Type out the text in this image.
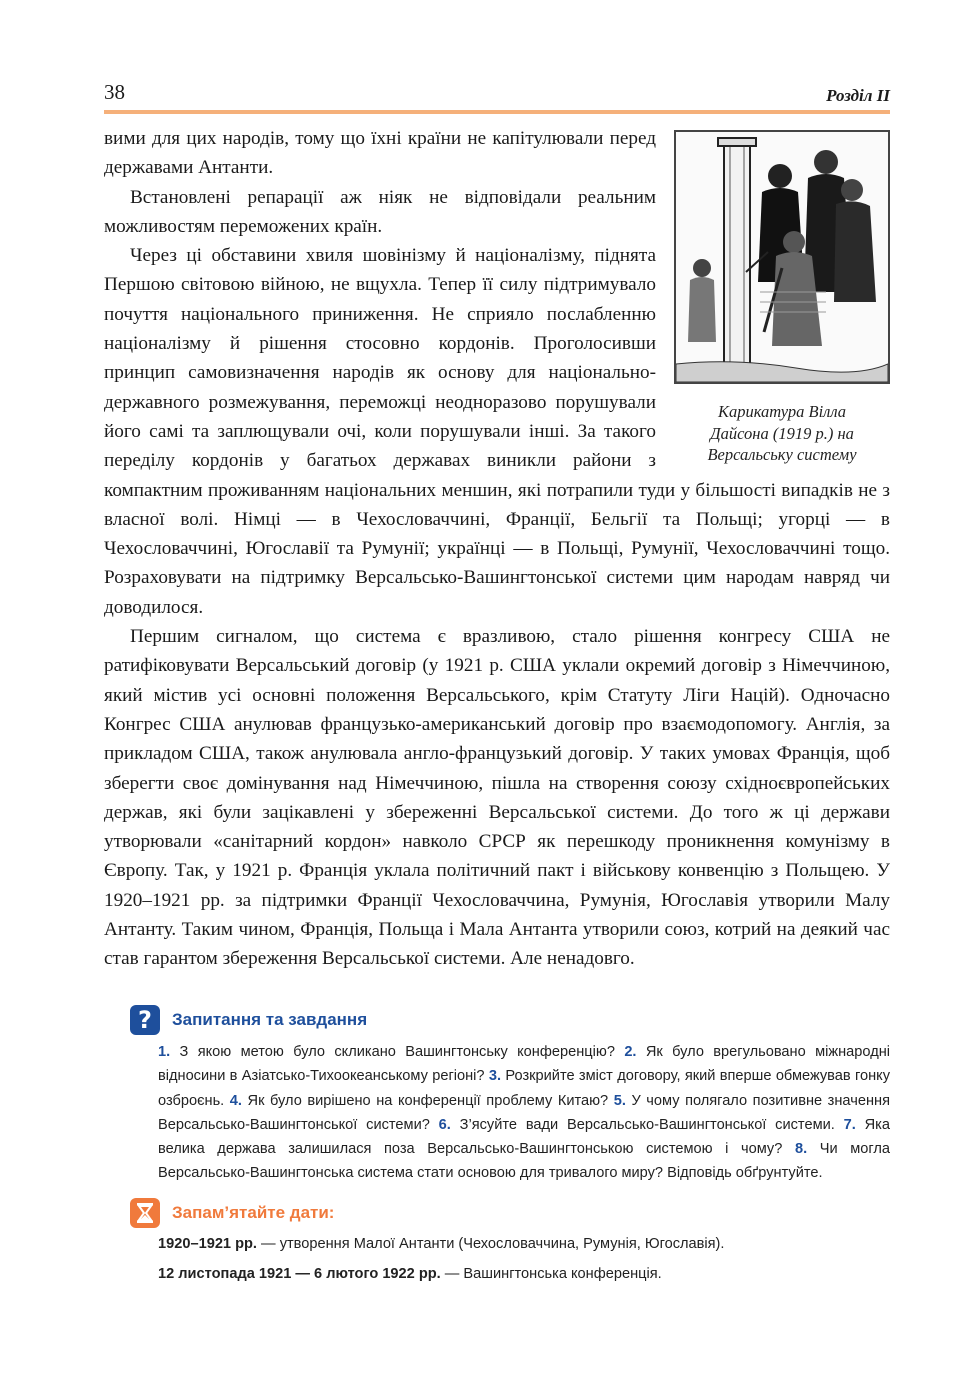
38	Розділ II
Карикатура Вілла
Дайсона (1919 р.) на
Версальську систему

вими для цих народів, тому що їхні країни не капітулювали перед державами Антанти.

Встановлені репарації аж ніяк не відповідали реальним можливостям переможених країн.

Через ці обставини хвиля шовінізму й націоналізму, піднята Першою світовою війною, не вщухла. Тепер її силу підтримувало почуття національного приниження. Не сприяло послабленню націоналізму й рішення стосовно кордонів. Проголосивши принцип самовизначення народів як основу для національно-державного розмежування, переможці неодноразово порушували його самі та заплющували очі, коли порушували інші. За такого переділу кордонів у багатьох державах виникли райони з компактним проживанням національних меншин, які потрапили туди у більшості випадків не з власної волі. Німці — в Чехословаччині, Франції, Бельгії та Польщі; угорці — в Чехословаччині, Югославії та Румунії; українці — в Польщі, Румунії, Чехословаччині тощо. Розраховувати на підтримку Версальсько-Вашингтонської системи цим народам навряд чи доводилося.

Першим сигналом, що система є вразливою, стало рішення конгресу США не ратифіковувати Версальський договір (у 1921 р. США уклали окремий договір з Німеччиною, який містив усі основні положення Версальського, крім Статуту Ліги Націй). Одночасно Конгрес США анулював французько-американський договір про взаємодопомогу. Англія, за прикладом США, також анулювала англо-французький договір. У таких умовах Франція, щоб зберегти своє домінування над Німеччиною, пішла на створення союзу східноєвропейських держав, які були зацікавлені у збереженні Версальської системи. До того ж ці держави утворювали «санітарний кордон» навколо СРСР як перешкоду проникнення комунізму в Європу. Так, у 1921 р. Франція уклала політичний пакт і військову конвенцію з Польщею. У 1920–1921 рр. за підтримки Франції Чехословаччина, Румунія, Югославія утворили Малу Антанту. Таким чином, Франція, Польща і Мала Антанта утворили союз, котрий на деякий час став гарантом збереження Версальської системи. Але ненадовго.

?	Запитання та завдання
1. З якою метою було скликано Вашингтонську конференцію? 2. Як було врегульовано міжнародні відносини в Азіатсько-Тихоокеанському регіоні? 3. Розкрийте зміст договору, який вперше обмежував гонку озброєнь. 4. Як було вирішено на конференції проблему Китаю? 5. У чому полягало позитивне значення Версальсько-Вашингтонської системи? 6. З’ясуйте вади Версальсько-Вашингтонської системи. 7. Яка велика держава залишилася поза Версальсько-Вашингтонською системою і чому? 8. Чи могла Версальсько-Вашингтонська система стати основою для тривалого миру? Відповідь обґрунтуйте.
Запам’ятайте дати:
1920–1921 рр. — утворення Малої Антанти (Чехословаччина, Румунія, Югославія).
12 листопада 1921 — 6 лютого 1922 рр. — Вашингтонська конференція.
